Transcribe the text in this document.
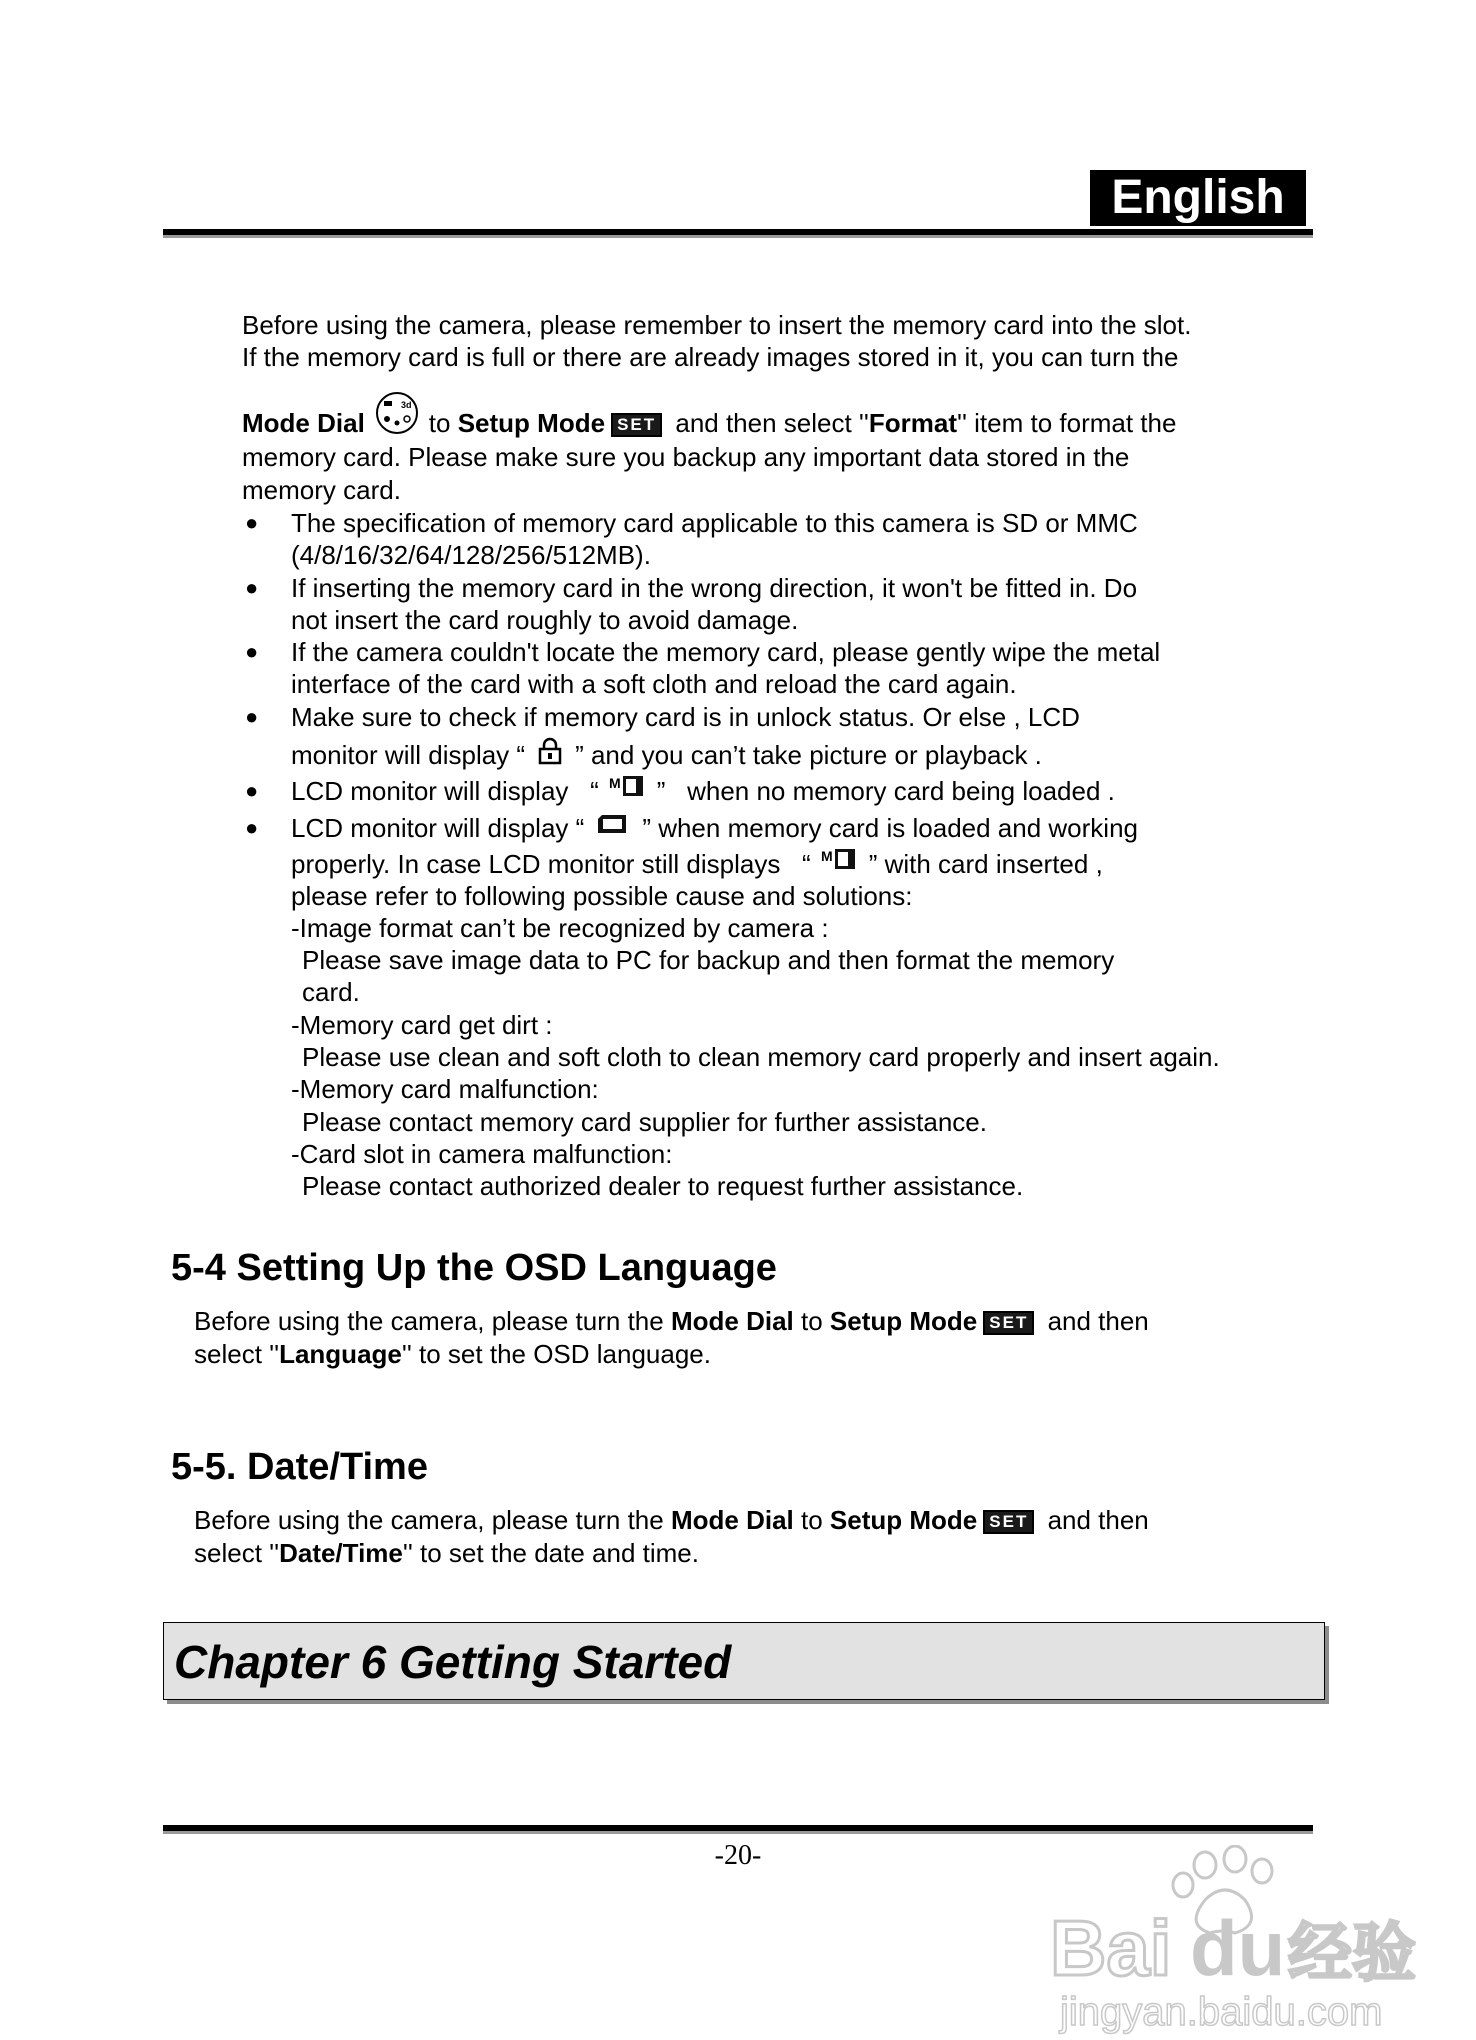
English
Before using the camera, please remember to insert the memory card into the slot.
If the memory card is full or there are already images stored in it, you can turn the
Mode Dial
3d
to Setup Mode SET and then select ''Format'' item to format the
memory card. Please make sure you backup any important data stored in the
memory card.
● The specification of memory card applicable to this camera is SD or MMC
(4/8/16/32/64/128/256/512MB).
● If inserting the memory card in the wrong direction, it won't be fitted in. Do
not insert the card roughly to avoid damage.
● If the camera couldn't locate the memory card, please gently wipe the metal
interface of the card with a soft cloth and reload the card again.
● Make sure to check if memory card is in unlock status. Or else , LCD
monitor will display “ ” and you can’t take picture or playback .
● LCD monitor will display   “ M ”   when no memory card being loaded .
● LCD monitor will display “ ” when memory card is loaded and working
properly. In case LCD monitor still displays   “ M ” with card inserted ,
please refer to following possible cause and solutions:
-Image format can’t be recognized by camera :
Please save image data to PC for backup and then format the memory
card.
-Memory card get dirt :
Please use clean and soft cloth to clean memory card properly and insert again.
-Memory card malfunction:
Please contact memory card supplier for further assistance.
-Card slot in camera malfunction:
Please contact authorized dealer to request further assistance.
5-4 Setting Up the OSD Language
Before using the camera, please turn the Mode Dial to Setup Mode SET and then
select ''Language'' to set the OSD language.
5-5. Date/Time
Before using the camera, please turn the Mode Dial to Setup Mode SET and then
select ''Date/Time'' to set the date and time.
Chapter 6 Getting Started
-20-
Bai du 经验
jingyan.baidu.com
